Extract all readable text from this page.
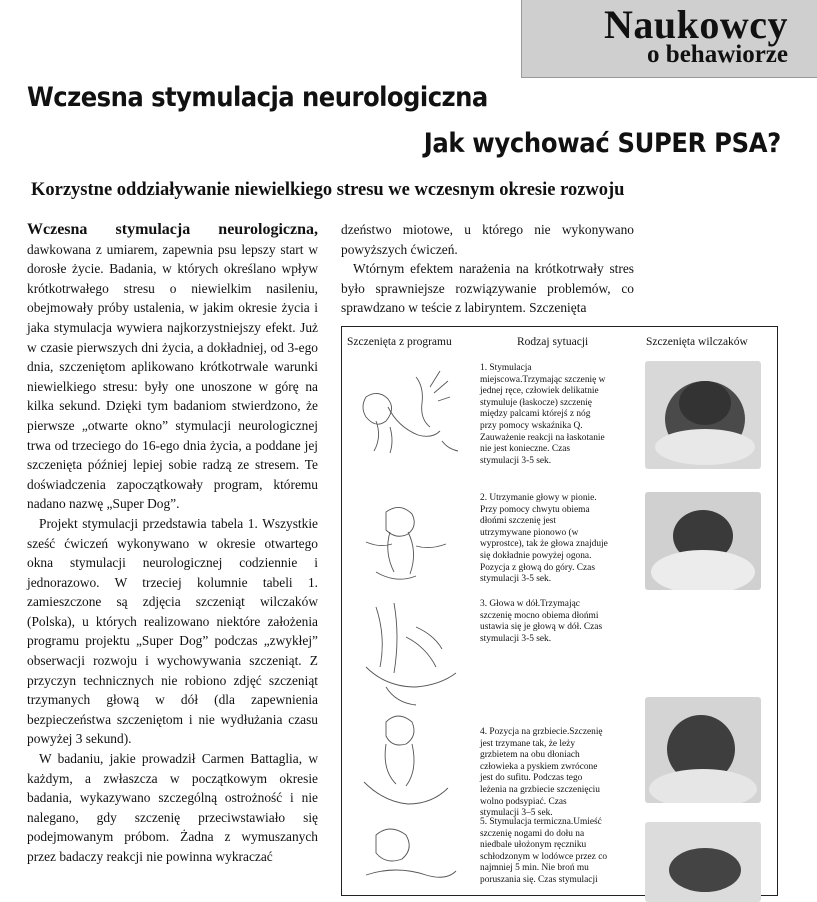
Naukowcy
o behawiorze
Wczesna stymulacja neurologiczna
Jak wychować SUPER PSA?
Korzystne oddziaływanie niewielkiego stresu we wczesnym okresie rozwoju

Wczesna stymulacja neurologiczna, dawkowana z umiarem, zapewnia psu lepszy start w dorosłe życie. Badania, w których określano wpływ krótkotrwałego stresu o niewielkim nasileniu, obejmowały próby ustalenia, w jakim okresie życia i jaka stymulacja wywiera najkorzystniejszy efekt. Już w czasie pierwszych dni życia, a dokładniej, od 3-ego dnia, szczeniętom aplikowano krótkotrwale warunki niewielkiego stresu: były one unoszone w górę na kilka sekund. Dzięki tym badaniom stwierdzono, że pierwsze „otwarte okno” stymulacji neurologicznej trwa od trzeciego do 16-ego dnia życia, a poddane jej szczenięta później lepiej sobie radzą ze stresem. Te doświadczenia zapoczątkowały program, któremu nadano nazwę „Super Dog”.

Projekt stymulacji przedstawia tabela 1. Wszystkie sześć ćwiczeń wykonywano w okresie otwartego okna stymulacji neurologicznej codziennie i jednorazowo. W trzeciej kolumnie tabeli 1. zamieszczone są zdjęcia szczeniąt wilczaków (Polska), u których realizowano niektóre założenia programu projektu „Super Dog” podczas „zwykłej” obserwacji rozwoju i wychowywania szczeniąt. Z przyczyn technicznych nie robiono zdjęć szczeniąt trzymanych głową w dół (dla zapewnienia bezpieczeństwa szczeniętom i nie wydłużania czasu powyżej 3 sekund).

W badaniu, jakie prowadził Carmen Battaglia, w każdym, a zwłaszcza w początkowym okresie badania, wykazywano szczególną ostrożność i nie nalegano, gdy szczenię przeciwstawiało się podejmowanym próbom. Żadna z wymuszanych przez badaczy reakcji nie powinna wykraczać

dzeństwo miotowe, u którego nie wykonywano powyższych ćwiczeń.

Wtórnym efektem narażenia na krótkotrwały stres było sprawniejsze rozwiązywanie problemów, co sprawdzano w teście z labiryntem. Szczenięta

Szczenięta z programu	Rodzaj sytuacji	Szczenięta wilczaków
1. Stymulacja miejscowa.Trzymając szczenię w jednej ręce, człowiek delikatnie stymuluje (łaskocze) szczenię między palcami którejś z nóg przy pomocy wskaźnika Q. Zauważenie reakcji na łaskotanie nie jest konieczne. Czas stymulacji 3-5 sek.
2. Utrzymanie głowy w pionie. Przy pomocy chwytu obiema dłońmi szczenię jest utrzymywane pionowo (w wyprostce), tak że głowa znajduje się dokładnie powyżej ogona. Pozycja z głową do góry. Czas stymulacji 3-5 sek.
3. Głowa w dół.Trzymając szczenię mocno obiema dłońmi ustawia się je głową w dół. Czas stymulacji 3-5 sek.
4. Pozycja na grzbiecie.Szczenię jest trzymane tak, że leży grzbietem na obu dłoniach człowieka a pyskiem zwrócone jest do sufitu. Podczas tego leżenia na grzbiecie szczenięciu wolno podsypiać. Czas stymulacji 3–5 sek.
5. Stymulacja termiczna.Umieść szczenię nogami do dołu na niedbale ułożonym ręczniku schłodzonym w lodówce przez co najmniej 5 min. Nie broń mu poruszania się. Czas stymulacji
